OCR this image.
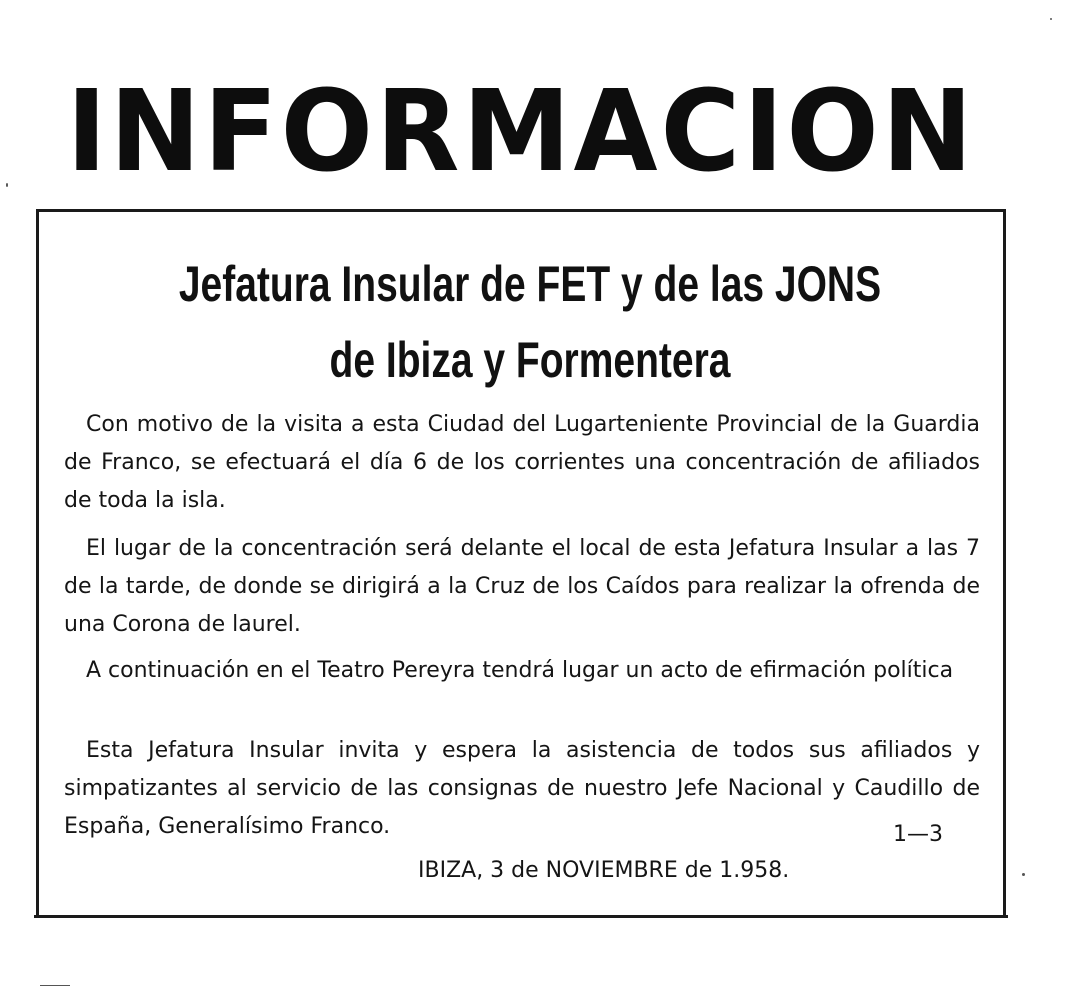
INFORMACION
Jefatura Insular de FET y de las JONS
de Ibiza y Formentera

Con motivo de la visita a esta Ciudad del Lugarteniente Provincial de la Guardia de Franco, se efectuará el día 6 de los corrientes una concentración de afiliados de toda la isla.

El lugar de la concentración será delante el local de esta Jefatura Insular a las 7 de la tarde, de donde se dirigirá a la Cruz de los Caídos para realizar la ofrenda de una Corona de laurel.

A continuación en el Teatro Pereyra tendrá lugar un acto de efirmación política

Esta Jefatura Insular invita y espera la asistencia de todos sus afiliados y simpatizantes al servicio de las consignas de nuestro Jefe Nacional y Caudillo de España, Generalísimo Franco.	1—3
IBIZA, 3 de NOVIEMBRE de 1.958.
